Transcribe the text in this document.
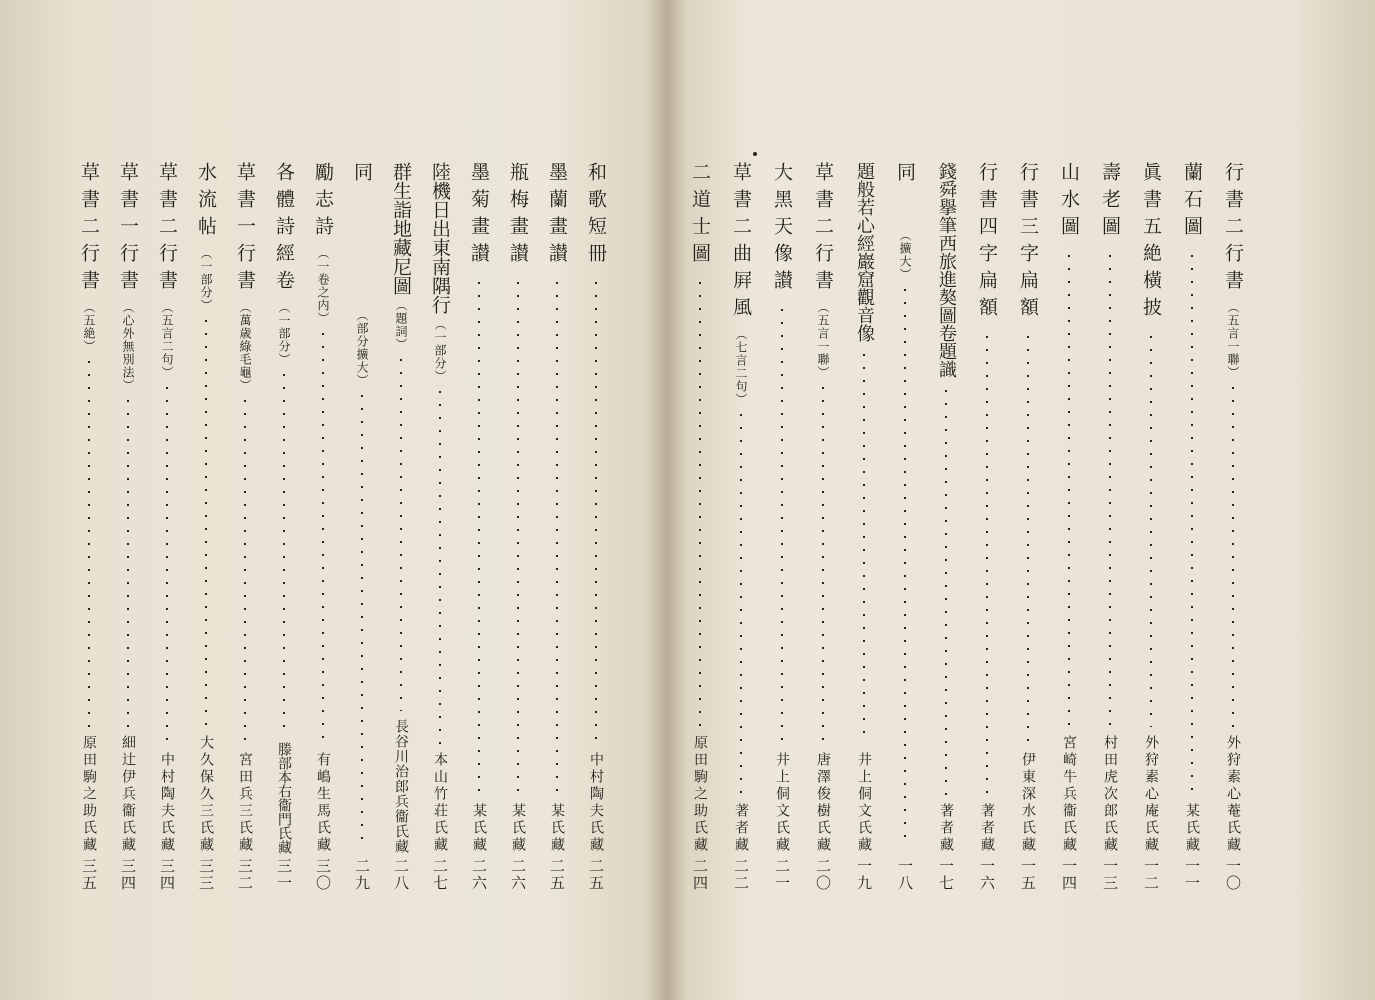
行書二行書
（五言一聯）
外狩素心菴氏藏
一〇
蘭石圖
某氏藏
一一
眞書五絶橫披
外狩素心庵氏藏
一二
壽老圖
村田虎次郎氏藏
一三
山水圖
宮崎牛兵衞氏藏
一四
行書三字扁額
伊東深水氏藏
一五
行書四字扁額
著者藏
一六
錢舜擧筆西旅進獒圖卷題識
著者藏
一七
同
（擴大）
一八
題般若心經巖窟觀音像
井上侗文氏藏
一九
草書二行書
（五言一聯）
唐澤俊樹氏藏
二〇
大黑天像讃
井上侗文氏藏
二一
草書二曲屛風
（七言二句）
著者藏
二二
二道士圖
原田駒之助氏藏
二四
和歌短冊
中村陶夫氏藏
二五
墨蘭畫讃
某氏藏
二五
瓶梅畫讃
某氏藏
二六
墨菊畫讃
某氏藏
二六
陸機日出東南隅行
（一部分）
本山竹荘氏藏
二七
群生詣地藏尼圖
（題詞）
長谷川治郎兵衞氏藏
二八
同
（部分擴大）
二九
勵志詩
（一卷之内）
有嶋生馬氏藏
三〇
各體詩經卷
（一部分）
滕部本右衞門氏藏
三一
草書一行書
（萬歳綠毛龜）
宮田兵三氏藏
三二
水流帖
（一部分）
大久保久三氏藏
三三
草書二行書
（五言二句）
中村陶夫氏藏
三四
草書一行書
（心外無別法）
細辻伊兵衞氏藏
三四
草書二行書
（五絶）
原田駒之助氏藏
三五
